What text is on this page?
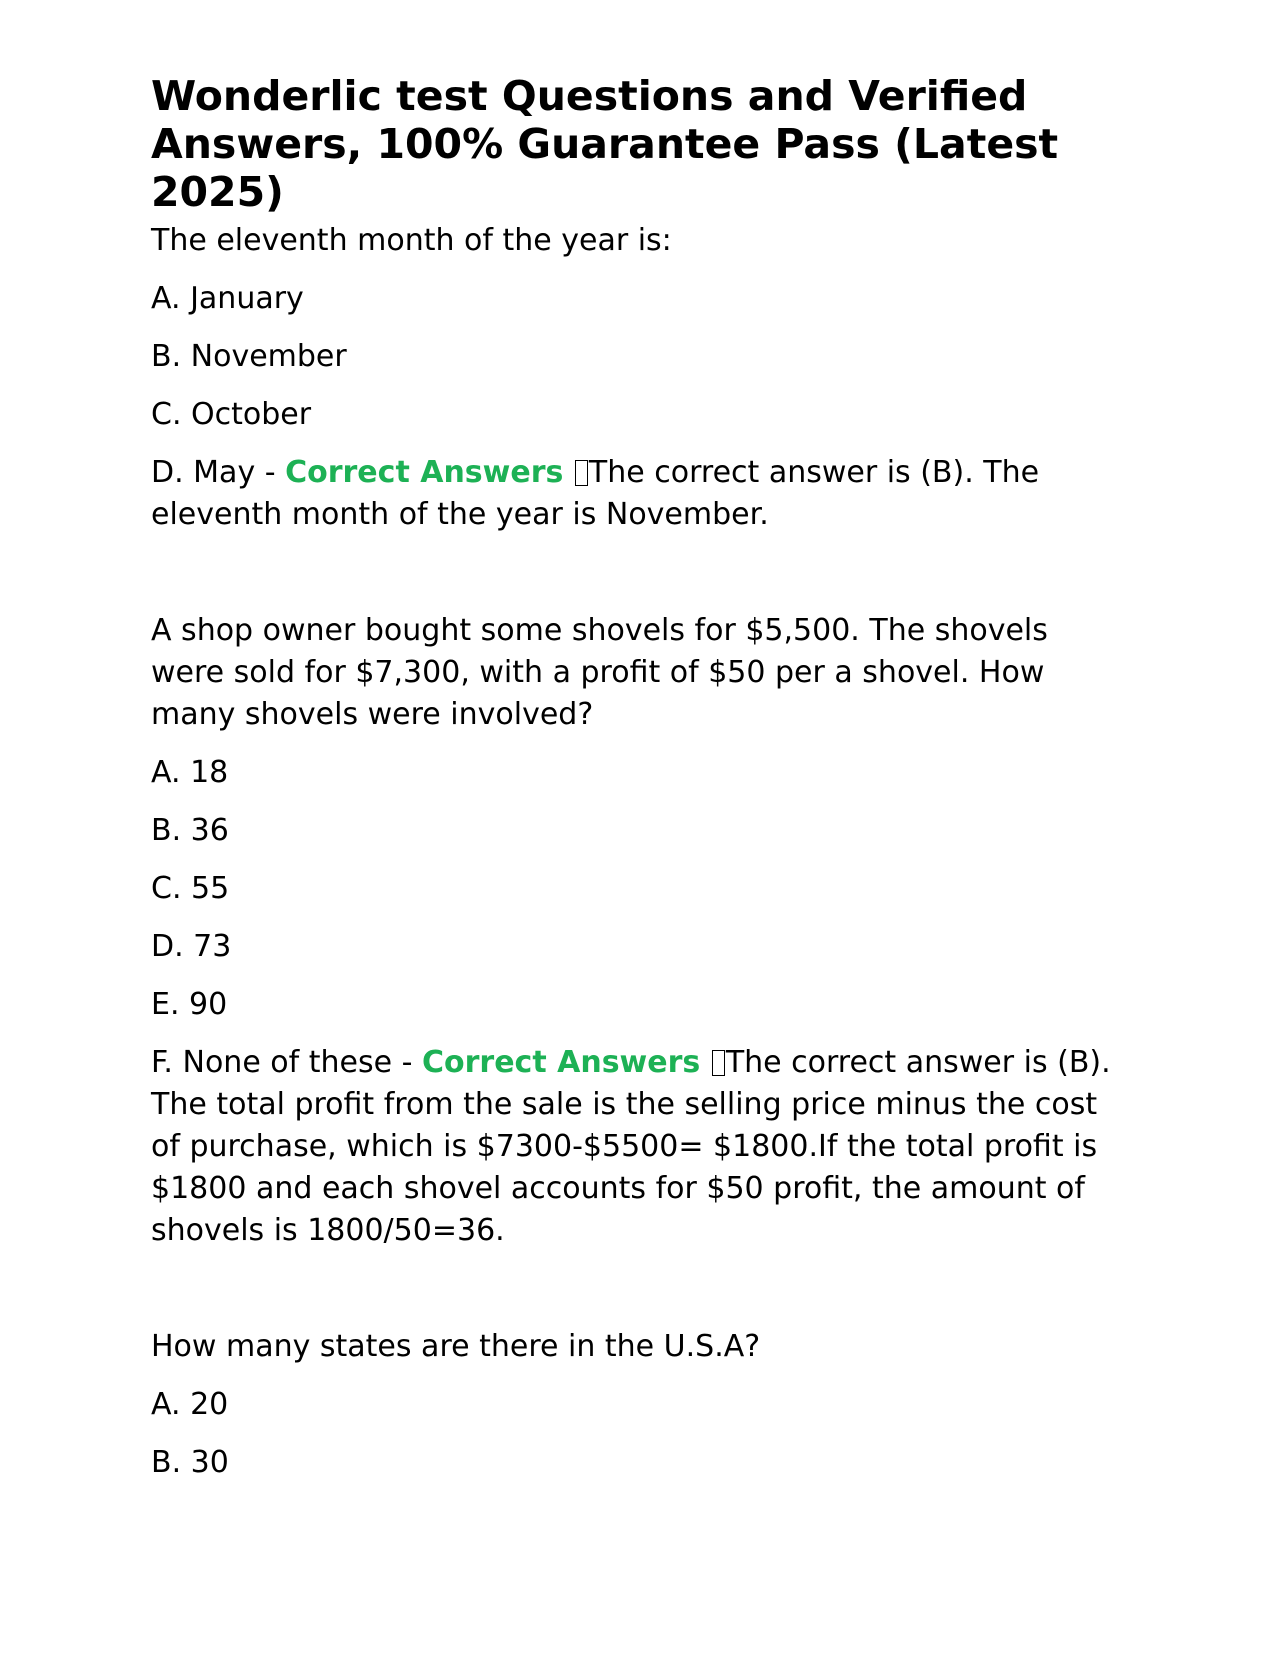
Wonderlic test Questions and Verified Answers, 100% Guarantee Pass (Latest 2025)

The eleventh month of the year is:

A. January

B. November

C. October

D. May - Correct Answers The correct answer is (B). The eleventh month of the year is November.

A shop owner bought some shovels for $5,500. The shovels were sold for $7,300, with a profit of $50 per a shovel. How many shovels were involved?

A. 18

B. 36

C. 55

D. 73

E. 90

F. None of these - Correct Answers The correct answer is (B). The total profit from the sale is the selling price minus the cost of purchase, which is $7300-$5500= $1800.If the total profit is $1800 and each shovel accounts for $50 profit, the amount of shovels is 1800/50=36.

How many states are there in the U.S.A?

A. 20

B. 30
